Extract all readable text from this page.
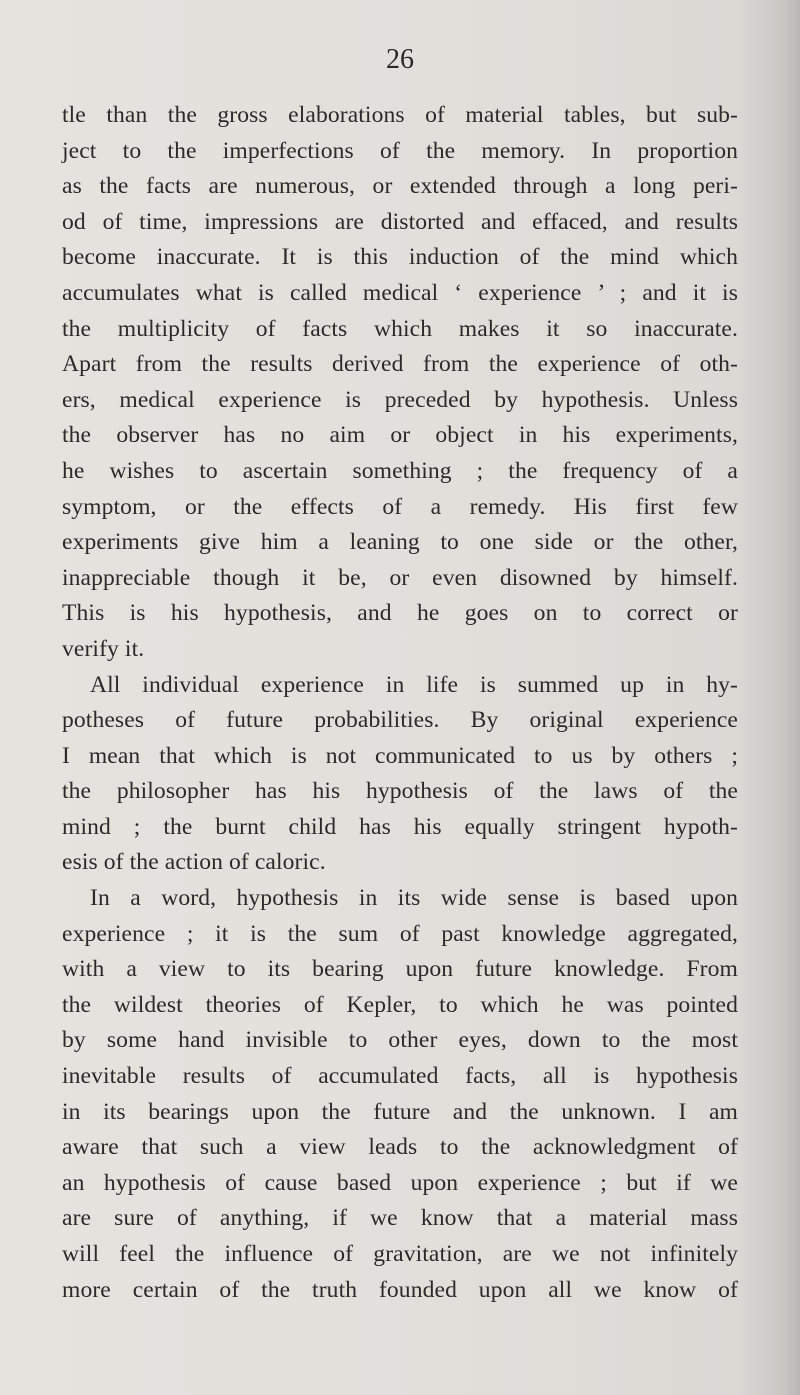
26
tle than the gross elaborations of material tables, but sub-
ject to the imperfections of the memory. In proportion
as the facts are numerous, or extended through a long peri-
od of time, impressions are distorted and effaced, and results
become inaccurate. It is this induction of the mind which
accumulates what is called medical ‘ experience ’ ; and it is
the multiplicity of facts which makes it so inaccurate.
Apart from the results derived from the experience of oth-
ers, medical experience is preceded by hypothesis. Unless
the observer has no aim or object in his experiments,
he wishes to ascertain something ; the frequency of a
symptom, or the effects of a remedy. His first few
experiments give him a leaning to one side or the other,
inappreciable though it be, or even disowned by himself.
This is his hypothesis, and he goes on to correct or
verify it.
All individual experience in life is summed up in hy-
potheses of future probabilities. By original experience
I mean that which is not communicated to us by others ;
the philosopher has his hypothesis of the laws of the
mind ; the burnt child has his equally stringent hypoth-
esis of the action of caloric.
In a word, hypothesis in its wide sense is based upon
experience ; it is the sum of past knowledge aggregated,
with a view to its bearing upon future knowledge. From
the wildest theories of Kepler, to which he was pointed
by some hand invisible to other eyes, down to the most
inevitable results of accumulated facts, all is hypothesis
in its bearings upon the future and the unknown. I am
aware that such a view leads to the acknowledgment of
an hypothesis of cause based upon experience ; but if we
are sure of anything, if we know that a material mass
will feel the influence of gravitation, are we not infinitely
more certain of the truth founded upon all we know of
